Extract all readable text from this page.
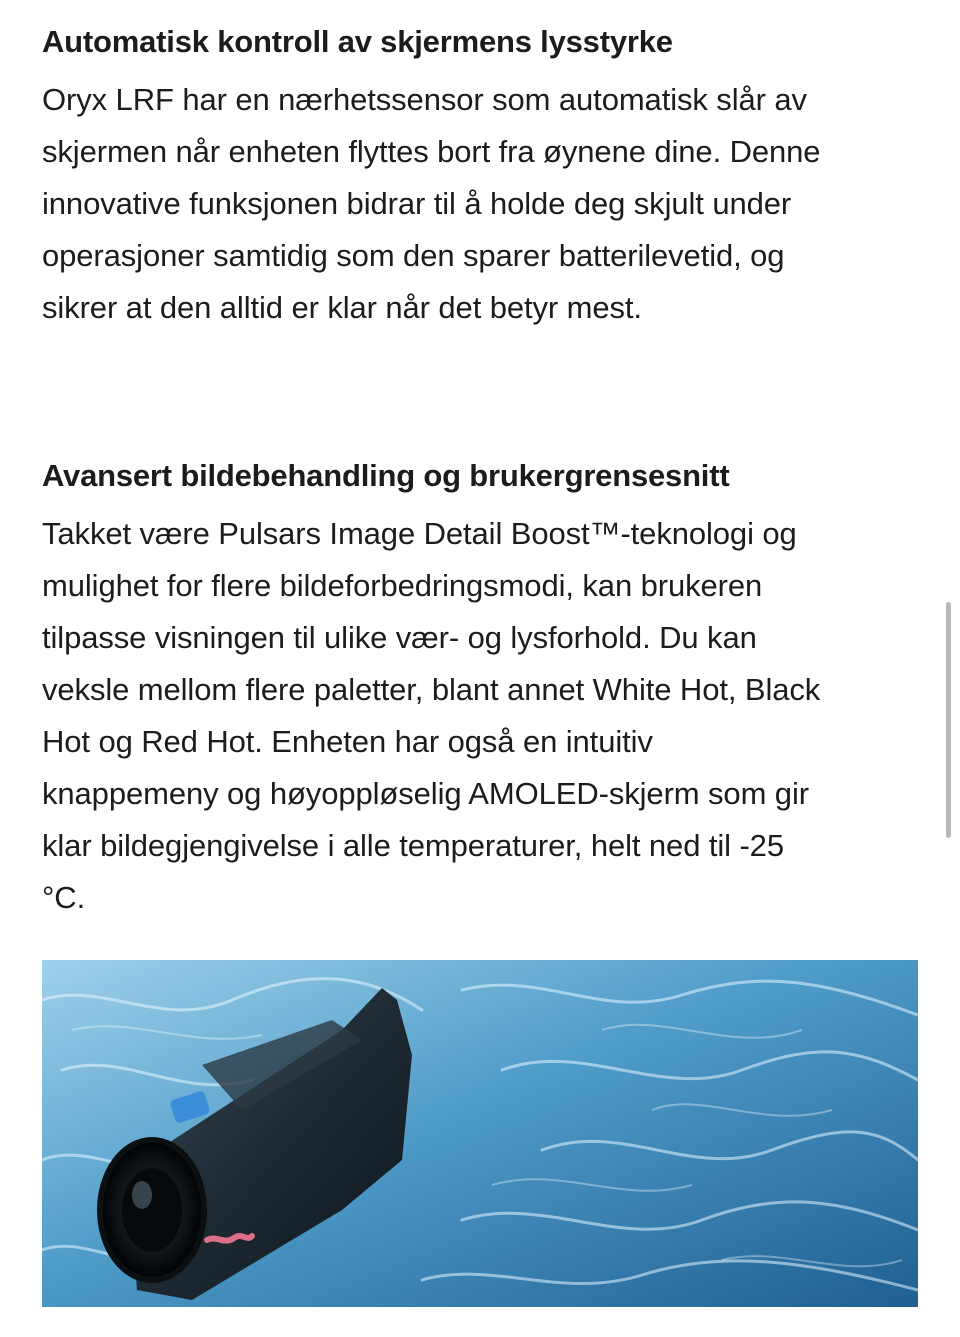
Automatisk kontroll av skjermens lysstyrke

Oryx LRF har en nærhetssensor som automatisk slår av
skjermen når enheten flyttes bort fra øynene dine. Denne
innovative funksjonen bidrar til å holde deg skjult under
operasjoner samtidig som den sparer batterilevetid, og
sikrer at den alltid er klar når det betyr mest.

Avansert bildebehandling og brukergrensesnitt

Takket være Pulsars Image Detail Boost™-teknologi og
mulighet for flere bildeforbedringsmodi, kan brukeren
tilpasse visningen til ulike vær- og lysforhold. Du kan
veksle mellom flere paletter, blant annet White Hot, Black
Hot og Red Hot. Enheten har også en intuitiv
knappemeny og høyoppløselig AMOLED-skjerm som gir
klar bildegjengivelse i alle temperaturer, helt ned til -25
°C.
